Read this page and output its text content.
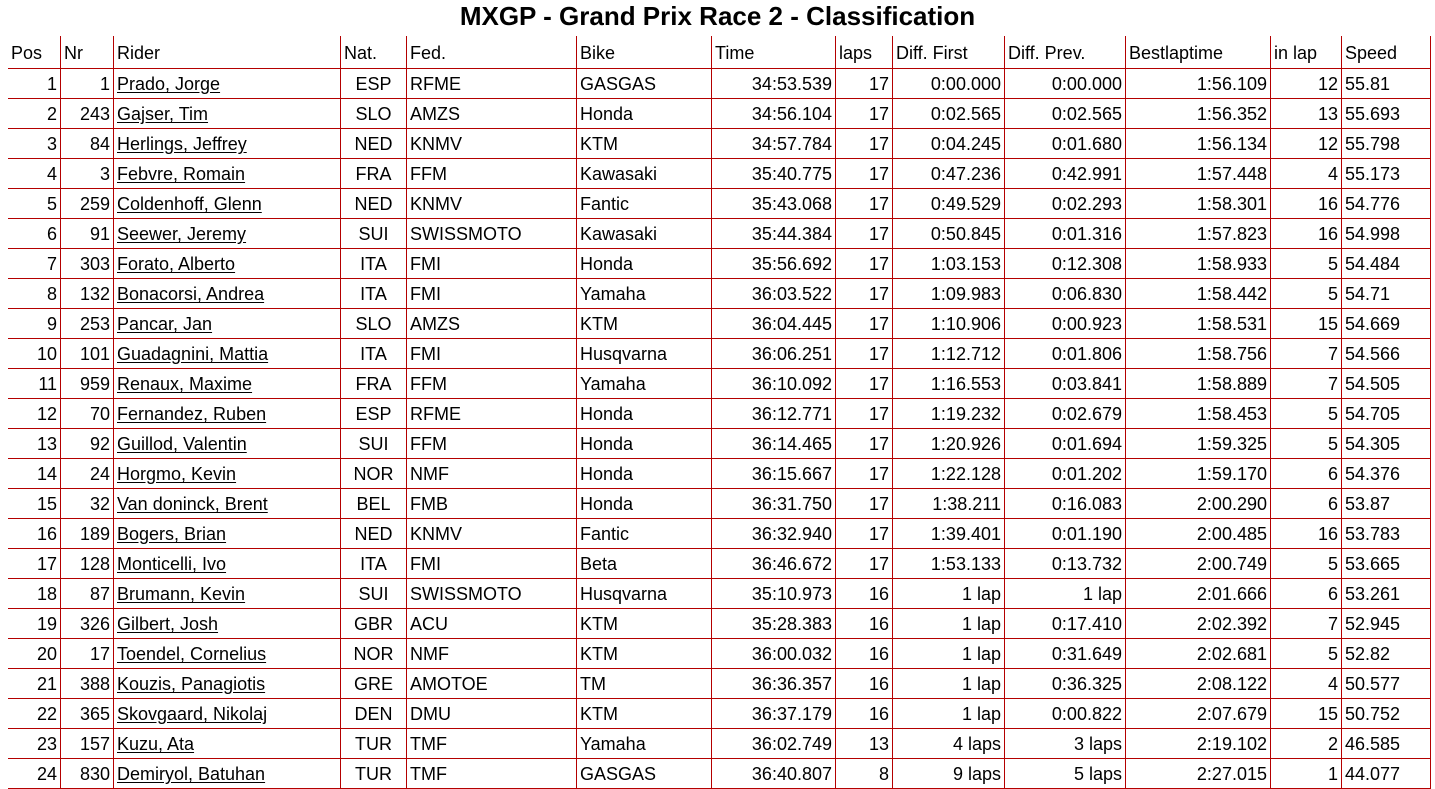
MXGP - Grand Prix Race 2 - Classification
Pos	Nr	Rider	Nat.	Fed.	Bike	Time	laps	Diff. First	Diff. Prev.	Bestlaptime	in lap	Speed
1	1	Prado, Jorge	ESP	RFME	GASGAS	34:53.539	17	0:00.000	0:00.000	1:56.109	12	55.81
2	243	Gajser, Tim	SLO	AMZS	Honda	34:56.104	17	0:02.565	0:02.565	1:56.352	13	55.693
3	84	Herlings, Jeffrey	NED	KNMV	KTM	34:57.784	17	0:04.245	0:01.680	1:56.134	12	55.798
4	3	Febvre, Romain	FRA	FFM	Kawasaki	35:40.775	17	0:47.236	0:42.991	1:57.448	4	55.173
5	259	Coldenhoff, Glenn	NED	KNMV	Fantic	35:43.068	17	0:49.529	0:02.293	1:58.301	16	54.776
6	91	Seewer, Jeremy	SUI	SWISSMOTO	Kawasaki	35:44.384	17	0:50.845	0:01.316	1:57.823	16	54.998
7	303	Forato, Alberto	ITA	FMI	Honda	35:56.692	17	1:03.153	0:12.308	1:58.933	5	54.484
8	132	Bonacorsi, Andrea	ITA	FMI	Yamaha	36:03.522	17	1:09.983	0:06.830	1:58.442	5	54.71
9	253	Pancar, Jan	SLO	AMZS	KTM	36:04.445	17	1:10.906	0:00.923	1:58.531	15	54.669
10	101	Guadagnini, Mattia	ITA	FMI	Husqvarna	36:06.251	17	1:12.712	0:01.806	1:58.756	7	54.566
11	959	Renaux, Maxime	FRA	FFM	Yamaha	36:10.092	17	1:16.553	0:03.841	1:58.889	7	54.505
12	70	Fernandez, Ruben	ESP	RFME	Honda	36:12.771	17	1:19.232	0:02.679	1:58.453	5	54.705
13	92	Guillod, Valentin	SUI	FFM	Honda	36:14.465	17	1:20.926	0:01.694	1:59.325	5	54.305
14	24	Horgmo, Kevin	NOR	NMF	Honda	36:15.667	17	1:22.128	0:01.202	1:59.170	6	54.376
15	32	Van doninck, Brent	BEL	FMB	Honda	36:31.750	17	1:38.211	0:16.083	2:00.290	6	53.87
16	189	Bogers, Brian	NED	KNMV	Fantic	36:32.940	17	1:39.401	0:01.190	2:00.485	16	53.783
17	128	Monticelli, Ivo	ITA	FMI	Beta	36:46.672	17	1:53.133	0:13.732	2:00.749	5	53.665
18	87	Brumann, Kevin	SUI	SWISSMOTO	Husqvarna	35:10.973	16	1 lap	1 lap	2:01.666	6	53.261
19	326	Gilbert, Josh	GBR	ACU	KTM	35:28.383	16	1 lap	0:17.410	2:02.392	7	52.945
20	17	Toendel, Cornelius	NOR	NMF	KTM	36:00.032	16	1 lap	0:31.649	2:02.681	5	52.82
21	388	Kouzis, Panagiotis	GRE	AMOTOE	TM	36:36.357	16	1 lap	0:36.325	2:08.122	4	50.577
22	365	Skovgaard, Nikolaj	DEN	DMU	KTM	36:37.179	16	1 lap	0:00.822	2:07.679	15	50.752
23	157	Kuzu, Ata	TUR	TMF	Yamaha	36:02.749	13	4 laps	3 laps	2:19.102	2	46.585
24	830	Demiryol, Batuhan	TUR	TMF	GASGAS	36:40.807	8	9 laps	5 laps	2:27.015	1	44.077
